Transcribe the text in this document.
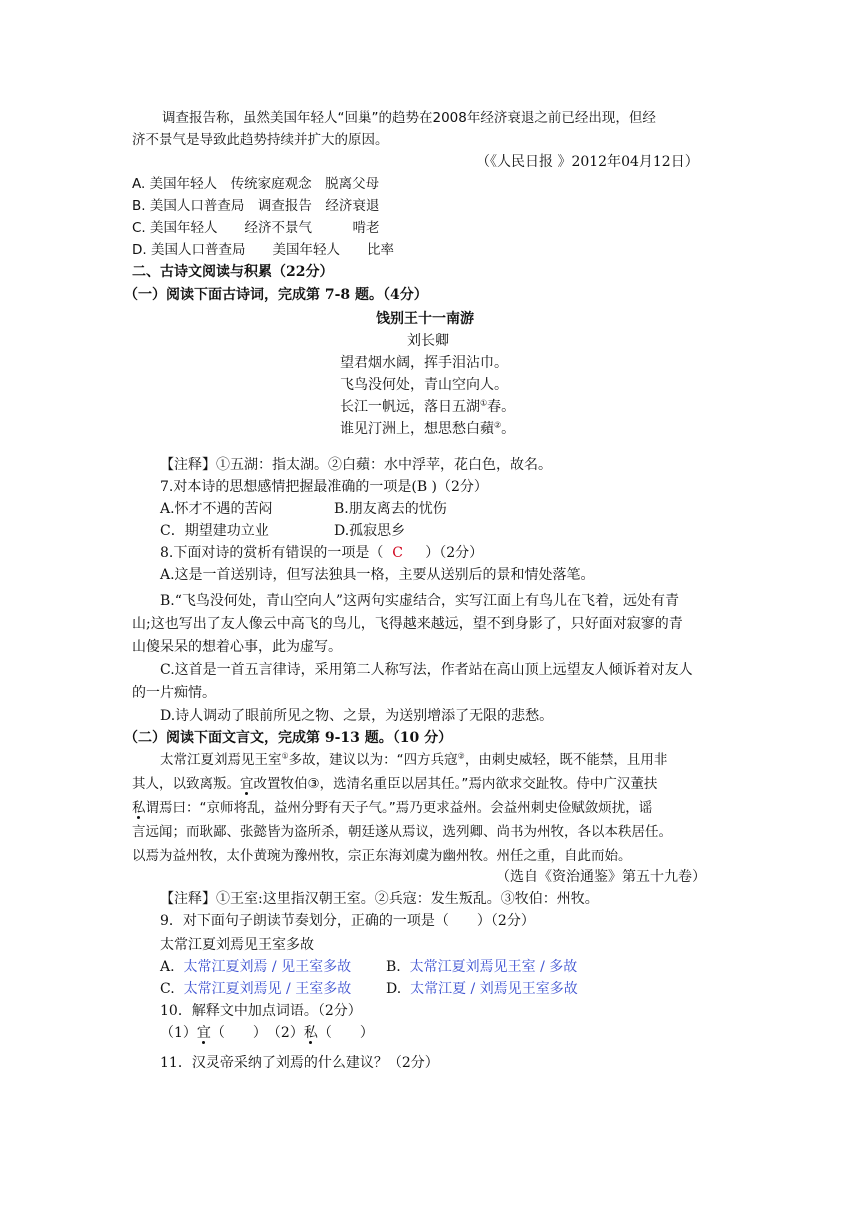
调查报告称，虽然美国年轻人“回巢”的趋势在2008年经济衰退之前已经出现，但经
济不景气是导致此趋势持续并扩大的原因。
（《人民日报 》2012年04月12日）
A. 美国年轻人　传统家庭观念　脱离父母
B. 美国人口普查局　调查报告　经济衰退
C. 美国年轻人　　经济不景气　　　啃老
D. 美国人口普查局　　美国年轻人　　比率
二、古诗文阅读与积累（22分）
（一）阅读下面古诗词，完成第 7-8 题。（4分）
饯别王十一南游
刘长卿
望君烟水阔，挥手泪沾巾。
飞鸟没何处，青山空向人。
长江一帆远，落日五湖①春。
谁见汀洲上，想思愁白蘋②。
【注释】①五湖：指太湖。②白蘋：水中浮苹，花白色，故名。
7.对本诗的思想感情把握最准确的一项是(B )（2分）
A.怀才不遇的苦闷	B.朋友离去的忧伤
C．期望建功立业	D.孤寂思乡
8.下面对诗的赏析有错误的一项是（ C ）（2分）
A.这是一首送别诗，但写法独具一格，主要从送别后的景和情处落笔。
B.“飞鸟没何处，青山空向人”这两句实虚结合，实写江面上有鸟儿在飞着，远处有青
山;这也写出了友人像云中高飞的鸟儿，飞得越来越远，望不到身影了，只好面对寂寥的青
山傻呆呆的想着心事，此为虚写。
C.这首是一首五言律诗，采用第二人称写法，作者站在高山顶上远望友人倾诉着对友人
的一片痴情。
D.诗人调动了眼前所见之物、之景，为送别增添了无限的悲愁。
（二）阅读下面文言文，完成第 9-13 题。（10 分）
太常江夏刘焉见王室①多故，建议以为：“四方兵寇②，由刺史威轻，既不能禁，且用非
其人，以致离叛。宜改置牧伯③，选清名重臣以居其任。”焉内欲求交趾牧。侍中广汉董扶
私谓焉曰：“京师将乱，益州分野有天子气。”焉乃更求益州。会益州刺史俭赋敛烦扰，谣
言远闻；而耿鄙、张懿皆为盗所杀，朝廷遂从焉议，选列卿、尚书为州牧，各以本秩居任。
以焉为益州牧，太仆黄琬为豫州牧，宗正东海刘虞为幽州牧。州任之重，自此而始。
（选自《资治通鉴》第五十九卷）
【注释】①王室:这里指汉朝王室。②兵寇：发生叛乱。③牧伯：州牧。
9．对下面句子朗读节奏划分，正确的一项是（　　）（2分）
太常江夏刘焉见王室多故
A. 太常江夏刘焉 / 见王室多故 B. 太常江夏刘焉见王室 / 多故
C. 太常江夏刘焉见 / 王室多故 D. 太常江夏 / 刘焉见王室多故
10．解释文中加点词语。（2分）
（1）宜（　　）　（2）私（　　）
11．汉灵帝采纳了刘焉的什么建议？（2分）
